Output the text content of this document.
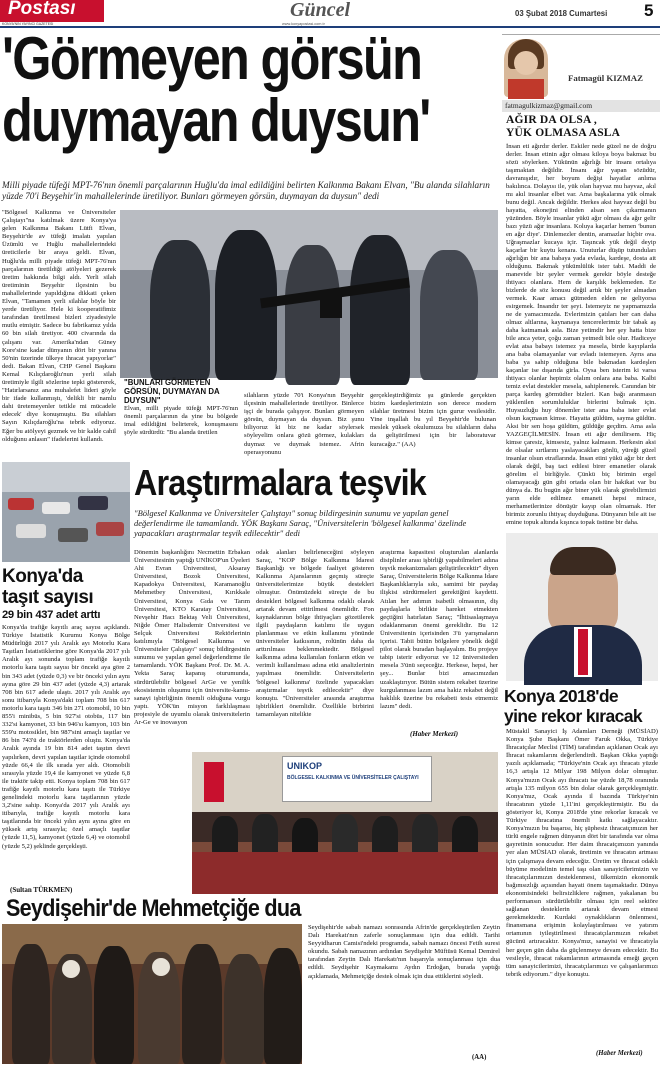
Postası
KONYA'NIN YAYINCI GAZETESİ
Güncel
www.konyapostasi.com.tr
03 Şubat 2018 Cumartesi 5
'Görmeyen görsün
duymayan duysun'
Milli piyade tüfeği MPT-76'nın önemli parçalarının Huğlu'da imal edildiğini belirten Kalkınma Bakanı Elvan, "Bu alanda silahların yüzde 70'i Beyşehir'in mahallelerinde üretiliyor. Bunları görmeyen görsün, duymayan da duysun" dedi
"Bölgesel Kalkınma ve Üniversiteler Çalıştayı"na katılmak üzere Konya'ya gelen Kalkınma Bakanı Lütfi Elvan, Beyşehir'de av tüfeği imalatı yapılan Üzümlü ve Huğlu mahallelerindeki üreticilerle bir araya geldi. Elvan, Huğlu'da milli piyade tüfeği MPT-76'nın parçalarının üretildiği atölyeleri gezerek üretim hakkında bilgi aldı. Yerli silah üretiminin Beyşehir ilçesinin bu mahallelerinde yapıldığına dikkati çeken Elvan, "Tamamen yerli silahlar böyle bir yerde üretiliyor. Hele ki kooperatifimiz tarafından üretilmesi bizleri ziyadesiyle mutlu etmiştir. Sadece bu fabrikamız yılda 60 bin silah üretiyor. 400 civarında da çalışanı var. Amerika'ndan Güney Kore'sine kadar dünyanın dört bir yanına 50'nin üzerinde ülkeye ihracat yapıyorlar" dedi. Bakan Elvan, CHP Genel Başkanı Kemal Kılıçdaroğlu'nun yerli silah üretimiyle ilgili sözlerine tepki göstererek, "Hatırlarsanız ana muhalefet lideri göyle bir ifade kullanmıştı, 'delikli bir namlu dahi üretemeyenler tetikle mi mücadele edecek' diye konuşmuştu. Bu silahları Sayın Kılıçdaroğlu'na tebrik ediyoruz. Eğer bu atölyeyi gezmek ve bir kalde cahil olduğunu anlasın" ifadelerini kullandı.
"BUNLARI GÖRMEYEN GÖRSÜN, DUYMAYAN DA DUYSUN"
Elvan, milli piyade tüfeği MPT-76'nın önemli parçalarının da yine bu bölgede imal edildiğini belirterek, konuşmasını şöyle sürdürdü: "Bu alanda üretilen
silahların yüzde 70'i Konya'nın Beyşehir ilçesinin mahallelerinde üretiliyor. Binlerce işçi de burada çalışıyor. Bunları görmeyen görsün, duymayan da duysun. Biz şunu biliyoruz ki biz ne kadar söylersek söyleyelim onlara gözü görmez, kulakları duymaz ve duymak istemez. Afrin operasyonunu
gerçekleştirdiğimiz şu günlerde gerçekten bizim kardeşlerimizin son derece modern silahlar üretmesi bizim için gurur vesilesidir. Yine inşallah bu yıl Beyşehir'de bulunan meslek yüksek okulumuza bu silahların daha da geliştirilmesi için bir laboratuvar kuracağız." (AA)
Fatmagül KIZMAZ
fatmagulkizmaz@gmail.com
AĞIR DA OLSA ,
YÜK OLMASA ASLA
İnsan eti ağırdır derler. Eskiler nede güzel ne de doğru derler. İnsan etinin ağır olması kiloya boya bakmaz bu sözü söylerken. Yükünün ağırlığı bir insanı ortalıya taşımaktan değildir. İnsanı ağır yapan sözüdür, davranışıdır, her boyum değişi hayatlar anlıma bakılınca. Dolayısı ile, yük olan hayvaz mu hayvaz, akıl mı akıl insanlar elbet var. Ama başkalarına yük olmak bunu değil. Ancak değildir. Herkes aksi hayvaz değil bu hayatta, ekonejini elinden alsan sen çıkarmanın yüzünden. Böyle insanlar yükü ağır olması da ağır gelir bazı yüzü ağır insanlara. Koluya kaçarlar hemen 'bunun en ağır diye'. Dinlemezler dentin, aramazlar hiçbir ova. Uğraşmazlar kucaya içir. Taşıncak yük değil deyip kaçarlar bir kuytu kenara. Unuturlar düşüp tutunduları ağırlığın bir ana babaya yada evlada, kardeşe, dosta ait olduğunu. Bakmak yükümlülük ister tabi. Maddi de manevide bir şeyler vermek gerekir böyle desteğe ihtiyacı olanlara. Hem de karşılık beklemeden. Ee bizlerde de söz konusu değil artık bir şeyler almadan vermek. Kaar amacı gütmeden elden ne geliyorsa esirgemek. İnsandır ter şeyi. İstemeyiz ne yapmamızda ne de yamacımızda. Evlerimizin çatıları her can daha olmaz altlarına, kaynanaya tencerelerimiz bir tabak aş daha katmamak asla. Bize yetimdir her şey hatta bize bile anca yeter, çoğu zaman yetmedi bile olur. Hadiceye evlat atsa babayı istemez ya mesela, birde kayıplarda ana baba olamayanlar var evladı istemeyen. Ayrıs ana baba ya sahip olduğuna bile bakmadan kardeşlen kaçanlar ise dışarıda girla. Oysa ben isterim ki varsa ihtiyacı olanlar hepimiz olalım onlara ana baba. Kalbi temiz evlat destekler mesela, sahiplenerek. Canından bir parça kardeş görmüdier bizleri. Kan bağı aranmasın yüklenilen sorumluluklar birlerini bulmak için. Huysuzluğu huy dönemler ister ana baba ister evlat olsun kaçmasın kimse. Hayatta güldüm, sayma güldün. Aksi bir sen hoşa güldüm, güldüğe geçdim. Ama asla YAZGEÇİLMESİN. İnsan eti ağır denilirsem. Hiç kimse çaresiz, kimsesiz, yalnız kalmasın. Herkesin aksi de olsalar sırtlarını yaslayacakları gönlü, yüreği güzel insanlar olsun etraflarında. İnsan etini yükü ağır bir dert olarak değil, baş taci edilesi birer emanetler olarak görelim el birliğiyle. Çünkü biç birimin ergel olamayacağı gün gibi ortada olan bir hakikat var bu dünya da. Bu bugün ağır biner yük olarak görebilirmizi yarın elde edilmez emaneti hepsi mirace, merhametlerinize dönüşür kayıp olan olmamak. Her birimiz zorunlu ihtiyaç duyduğuna. Dünyanın bile ait ise emine topuk altında kışınca topak üstüne bir daha.
Araştırmalara teşvik
"Bölgesel Kalkınma ve Üniversiteler Çalıştayı" sonuç bildirgesinin sunumu ve yapılan genel değerlendirme ile tamamlandı. YÖK Başkanı Saraç, "Üniversitelerin 'bölgesel kalkınma' özelinde yapacakları araştırmalar teşvik edilecektir" dedi
Dönemin başkanlığını Necmettin Erbakan Üniversitesinin yaptığı UNİKOP'un Üyeleri Ahi Evran Üniversitesi, Aksaray Üniversitesi, Bozok Üniversitesi, Kapadokya Üniversitesi, Karamanoğlu Mehmetbey Üniversitesi, Kırıkkale Üniversitesi, Konya Gıda ve Tarım Üniversitesi, KTO Karatay Üniversitesi, Nevşehir Hacı Bektaş Veli Üniversitesi, Niğde Ömer Halisdemir Üniversitesi ve Selçuk Üniversitesi Rektörlerinin katılımıyla "Bölgesel Kalkınma ve Üniversiteler Çalıştayı" sonuç bildirgesinin sunumu ve yapılan genel değerlendirme ile tamamlandı. YÖK Başkanı Prof. Dr. M. A. Yekta Saraç kapanış oturumunda, sürdürülebilir bölgesel ArGe ve yenilik ekosistemin oluşumu için üniversite-kamu-sanayi işbirliğinin önemli olduğuna vurgu yaptı. YÖK'ün misyon farklılaşması projesiyle de uyumlu olarak üniversitelerin Ar-Ge ve inovasyon
odak alanları belirleneceğini söyleyen Saraç, "KOP Bölge Kalkınma İdaresi Başkanlığı ve bölgede faaliyet gösteren Kalkınma Ajanslarının geçmiş süreçte üniversitelerimize büyük destekleri olmuştur. Önümüzdeki süreçte de bu destekleri bölgesel kalkınma odaklı olarak artarak devam ettirilmesi önemlidir. Fon kaynaklarının bölge ihtiyaçları gözetilerek ilgili paydaşların katılımı ile uygun planlanması ve etkin kullanımı yönünde üniversiteler katkısının, rolünün daha da arttırılması beklenmektedir. Bölgesel kalkınma adına kullanılan fonların etkin ve verimli kullanılması adına etki analizlerinin yapılması önemlidir. Üniversitelerin 'bölgesel kalkınma' özelinde yapacakları araştırmalar teşvik edilecektir" diye konuştu. "Üniversiteler arasında araştırma işbirlikleri önemlidir. Özellikle birbirini tamamlayan nitelikte
araştırma kapasitesi oluşturulan alanlarda disiplinler arası işbirliği yapabilmeleri adına teşvik mekanizmaları geliştirilecektir" diyen Saraç, Üniversitelerin Bölge Kalkınma İdare Başkanlıklarıyla sıkı, samimi bir paydaş ilişkisi sürdürmeleri gerektiğini kaydetti. Atılan her adımın isabetli olmasının, diş paydaşlarla birlikte hareket etmekten geçtiğini hatırlatan Saraç; "İhtisaslaşmaya odaklanmanın önemi gereklidir. Bu 12 Üniversitenin içerisinden 3'ü yarışmaların içerisi. Tabii bütün bölgelere yönelik değil pilot olarak buradan başlayalım. Bu projeye tabip isterir ediyoruz ve 12 üniversiteden mesela 3'ünü seçeceğiz. Herkese, hepsi, her şey... Bunlar bizi amacımızdan uzaklaştırıyor. Bütün sistem rekabet üzerine kurgulanması lazım ama hakiz rekabet değil haklılık üzerine bu rekabeti tesis etmemiz lazım" dedi.
(Haber Merkezi)
UNIKOP
BÖLGESEL KALKINMA VE ÜNİVERSİTELER ÇALIŞTAYI
Konya'da
taşıt sayısı
29 bin 437 adet arttı
Konya'da trafiğe kayıtlı araç sayısı açıklandı. Türkiye İstatistik Kurumu Konya Bölge Müdürlüğü 2017 yılı Aralık ayı Motorlu Kara Taşıtları İstatistiklerine göre Konya'da 2017 yılı Aralık ayı sonunda toplam trafiğe kayıtlı motorlu kara taşıtı sayısı bir önceki aya göre 2 bin 343 adet (yüzde 0,3) ve bir önceki yılın aynı ayına göre 29 bin 437 adet (yüzde 4,3) artarak 708 bin 617 adede ulaştı. 2017 yılı Aralık ayı sonu itibarıyla Konya'daki toplam 708 bin 617 motorlu kara taşıtı 346 bin 271 otomobil, 10 bin 855'i minibüs, 5 bin 927'si otobüs, 117 bin 332'si kamyonet, 33 bin 946'sı kamyon, 103 bin 559'u motosiklet, bin 987'sini amaçlı taşıtlar ve 86 bin 743'ü de traktörlerden oluştu. Konya'da Aralık ayında 19 bin 814 adet taşıtın devri yapılırken, devri yapılan taşıtlar içinde otomobil yüzde 66,4 ile ilk sırada yer aldı. Otomobili sırasıyla yüzde 19,4 ile kamyonet ve yüzde 6,8 ile traktör takip etti. Konya toplam 708 bin 617 trafiğe kayıtlı motorlu kara taşıtı ile Türkiye genelindeki motorlu kara taşıtlarının yüzde 3,2'sine sahip. Konya'da 2017 yılı Aralık ayı itibarıyla, trafiğe kayıtlı motorlu kara taşıtlarında bir önceki yılın aynı ayına göre en yüksek artış sırasıyla; özel amaçlı taşıtlar (yüzde 11,5), kamyonet (yüzde 6,4) ve otomobil (yüzde 5,2) şeklinde gerçekleşti.
(Sultan TÜRKMEN)
Konya 2018'de
yine rekor kıracak
Müstakil Sanayici İş Adamları Derneği (MÜSİAD) Konya Şube Başkanı Ömer Faruk Okka, Türkiye İhracatçılar Meclisi (TİM) tarafından açıklanan Ocak ayı İhracat rakamlarını değerlendirdi. Başkan Okka yaptığı yazılı açıklamada; "Türkiye'nin Ocak ayı ihracatı yüzde 16,3 artışla 12 Milyar 198 Milyon dolar olmuştur. Konya'mızın Ocak ayı ihracatı ise yüzde 18,78 oranında artışla 135 milyon 655 bin dolar olarak gerçekleşmiştir. Konya'mız, Ocak ayında il bazında Türkiye'nin ihracatının yüzde 1,11'ini gerçekleştirmiştir. Bu da gösteriyor ki, Konya 2018'de yine rekorlar kıracak ve Türkiye ihracatına önemli katkı sağlayacaktır. Konya'mızın bu başarısı, hiç şüphesiz ihracatçımızın her türlü engele rağmen dünyanın dört bir tarafında var olma gayretinin sonucudur. Her daim ihracatçımızın yanında yer alan MÜSİAD olarak, üretimin ve ihracatın artması için çalışmaya devam edeceğiz. Üretim ve ihracat odaklı büyüme modelinin temel taşı olan sanayicilerimizin ve ihracatçılarımızın desteklenmesi, ülkemizin ekonomik bağımsızlığı açısından hayati önem taşımaktadır. Dünya ekonomisindeki belirsizliklere rağmen, yakalanan bu performansın sürdürülebilir olması için reel sektöre sağlanan desteklerin artarak devam etmesi gerekmektedir. Kurdaki oynaklıkların önlenmesi, finansmana erişimin kolaylaştırılması ve yatırım ortamının iyileştirilmesi ihracatçılarımızın rekabet gücünü artıracaktır. Konya'mız, sanayisi ve ihracatıyla her geçen gün daha da güçlenmeye devam edecektir. Bu vesileyle, ihracat rakamlarının artmasında emeği geçen tüm sanayicilerimizi, ihracatçılarımızı ve çalışanlarımızı tebrik ediyorum." diye konuştu.
(Haber Merkezi)
Seydişehir'de Mehmetçiğe dua
Seydişehir'de sabah namazı sonrasında Afrin'de gerçekleştirilen Zeytin Dalı Harekatı'nın zaferle sonuçlanması için dua edildi. Tarihi Seyyidharun Camisi'ndeki programda, sabah namazı öncesi Fetih suresi okundu. Sabah namazının ardından Seydişehir Müftüsü Kemal Demirel tarafından Zeytin Dalı Harekatı'nın başarıyla sonuçlanması için dua edildi. Seydişehir Kaymakamı Aydın Erdoğan, burada yaptığı açıklamada, Mehmetçiğe destek olmak için dua ettiklerini söyledi.
(AA)
